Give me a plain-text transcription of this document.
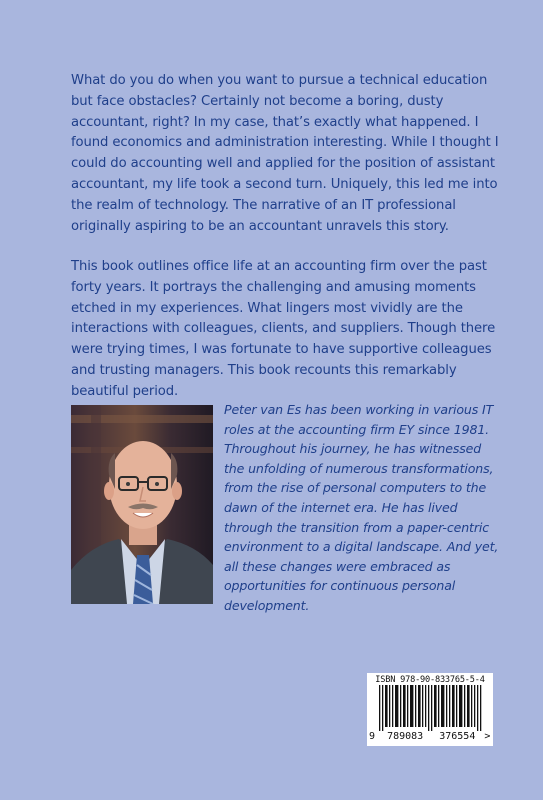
What do you do when you want to pursue a technical education but face obstacles? Certainly not become a boring, dusty accountant, right? In my case, that’s exactly what happened. I found economics and administration interesting. While I thought I could do accounting well and applied for the position of assistant accountant, my life took a second turn. Uniquely, this led me into the realm of technology. The narrative of an IT professional originally aspiring to be an accountant unravels this story.

This book outlines office life at an accounting firm over the past forty years. It portrays the challenging and amusing moments etched in my experiences. What lingers most vividly are the interactions with colleagues, clients, and suppliers. Though there were trying times, I was fortunate to have supportive colleagues and trusting managers. This book recounts this remarkably beautiful period.

Peter van Es has been working in various IT roles at the accounting firm EY since 1981. Throughout his journey, he has witnessed the unfolding of numerous transformations, from the rise of personal computers to the dawn of the internet era. He has lived through the transition from a paper-centric environment to a digital landscape. And yet, all these changes were embraced as opportunities for continuous personal development.

ISBN 978-90-833765-5-4
9 789083 376554 >
